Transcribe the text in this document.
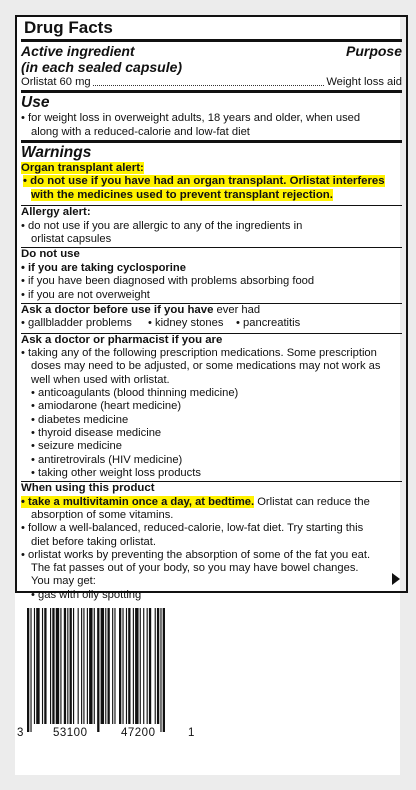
Drug Facts
Active ingredient
(in each sealed capsule)
Purpose
Orlistat 60 mg	Weight loss aid
Use
• for weight loss in overweight adults, 18 years and older, when used
along with a reduced-calorie and low-fat diet
Warnings
Organ transplant alert:
• do not use if you have had an organ transplant. Orlistat interferes
with the medicines used to prevent transplant rejection.
Allergy alert:
• do not use if you are allergic to any of the ingredients in
orlistat capsules
Do not use
• if you are taking cyclosporine
• if you have been diagnosed with problems absorbing food
• if you are not overweight
Ask a doctor before use if you have ever had
• gallbladder problems	• kidney stones	• pancreatitis
Ask a doctor or pharmacist if you are
• taking any of the following prescription medications. Some prescription
doses may need to be adjusted, or some medications may not work as
well when used with orlistat.
• anticoagulants (blood thinning medicine)
• amiodarone (heart medicine)
• diabetes medicine
• thyroid disease medicine
• seizure medicine
• antiretrovirals (HIV medicine)
• taking other weight loss products
When using this product
• take a multivitamin once a day, at bedtime. Orlistat can reduce the
absorption of some vitamins.
• follow a well-balanced, reduced-calorie, low-fat diet. Try starting this
diet before taking orlistat.
• orlistat works by preventing the absorption of some of the fat you eat.
The fat passes out of your body, so you may have bowel changes.
You may get:
• gas with oily spotting
3	53100	47200	1
